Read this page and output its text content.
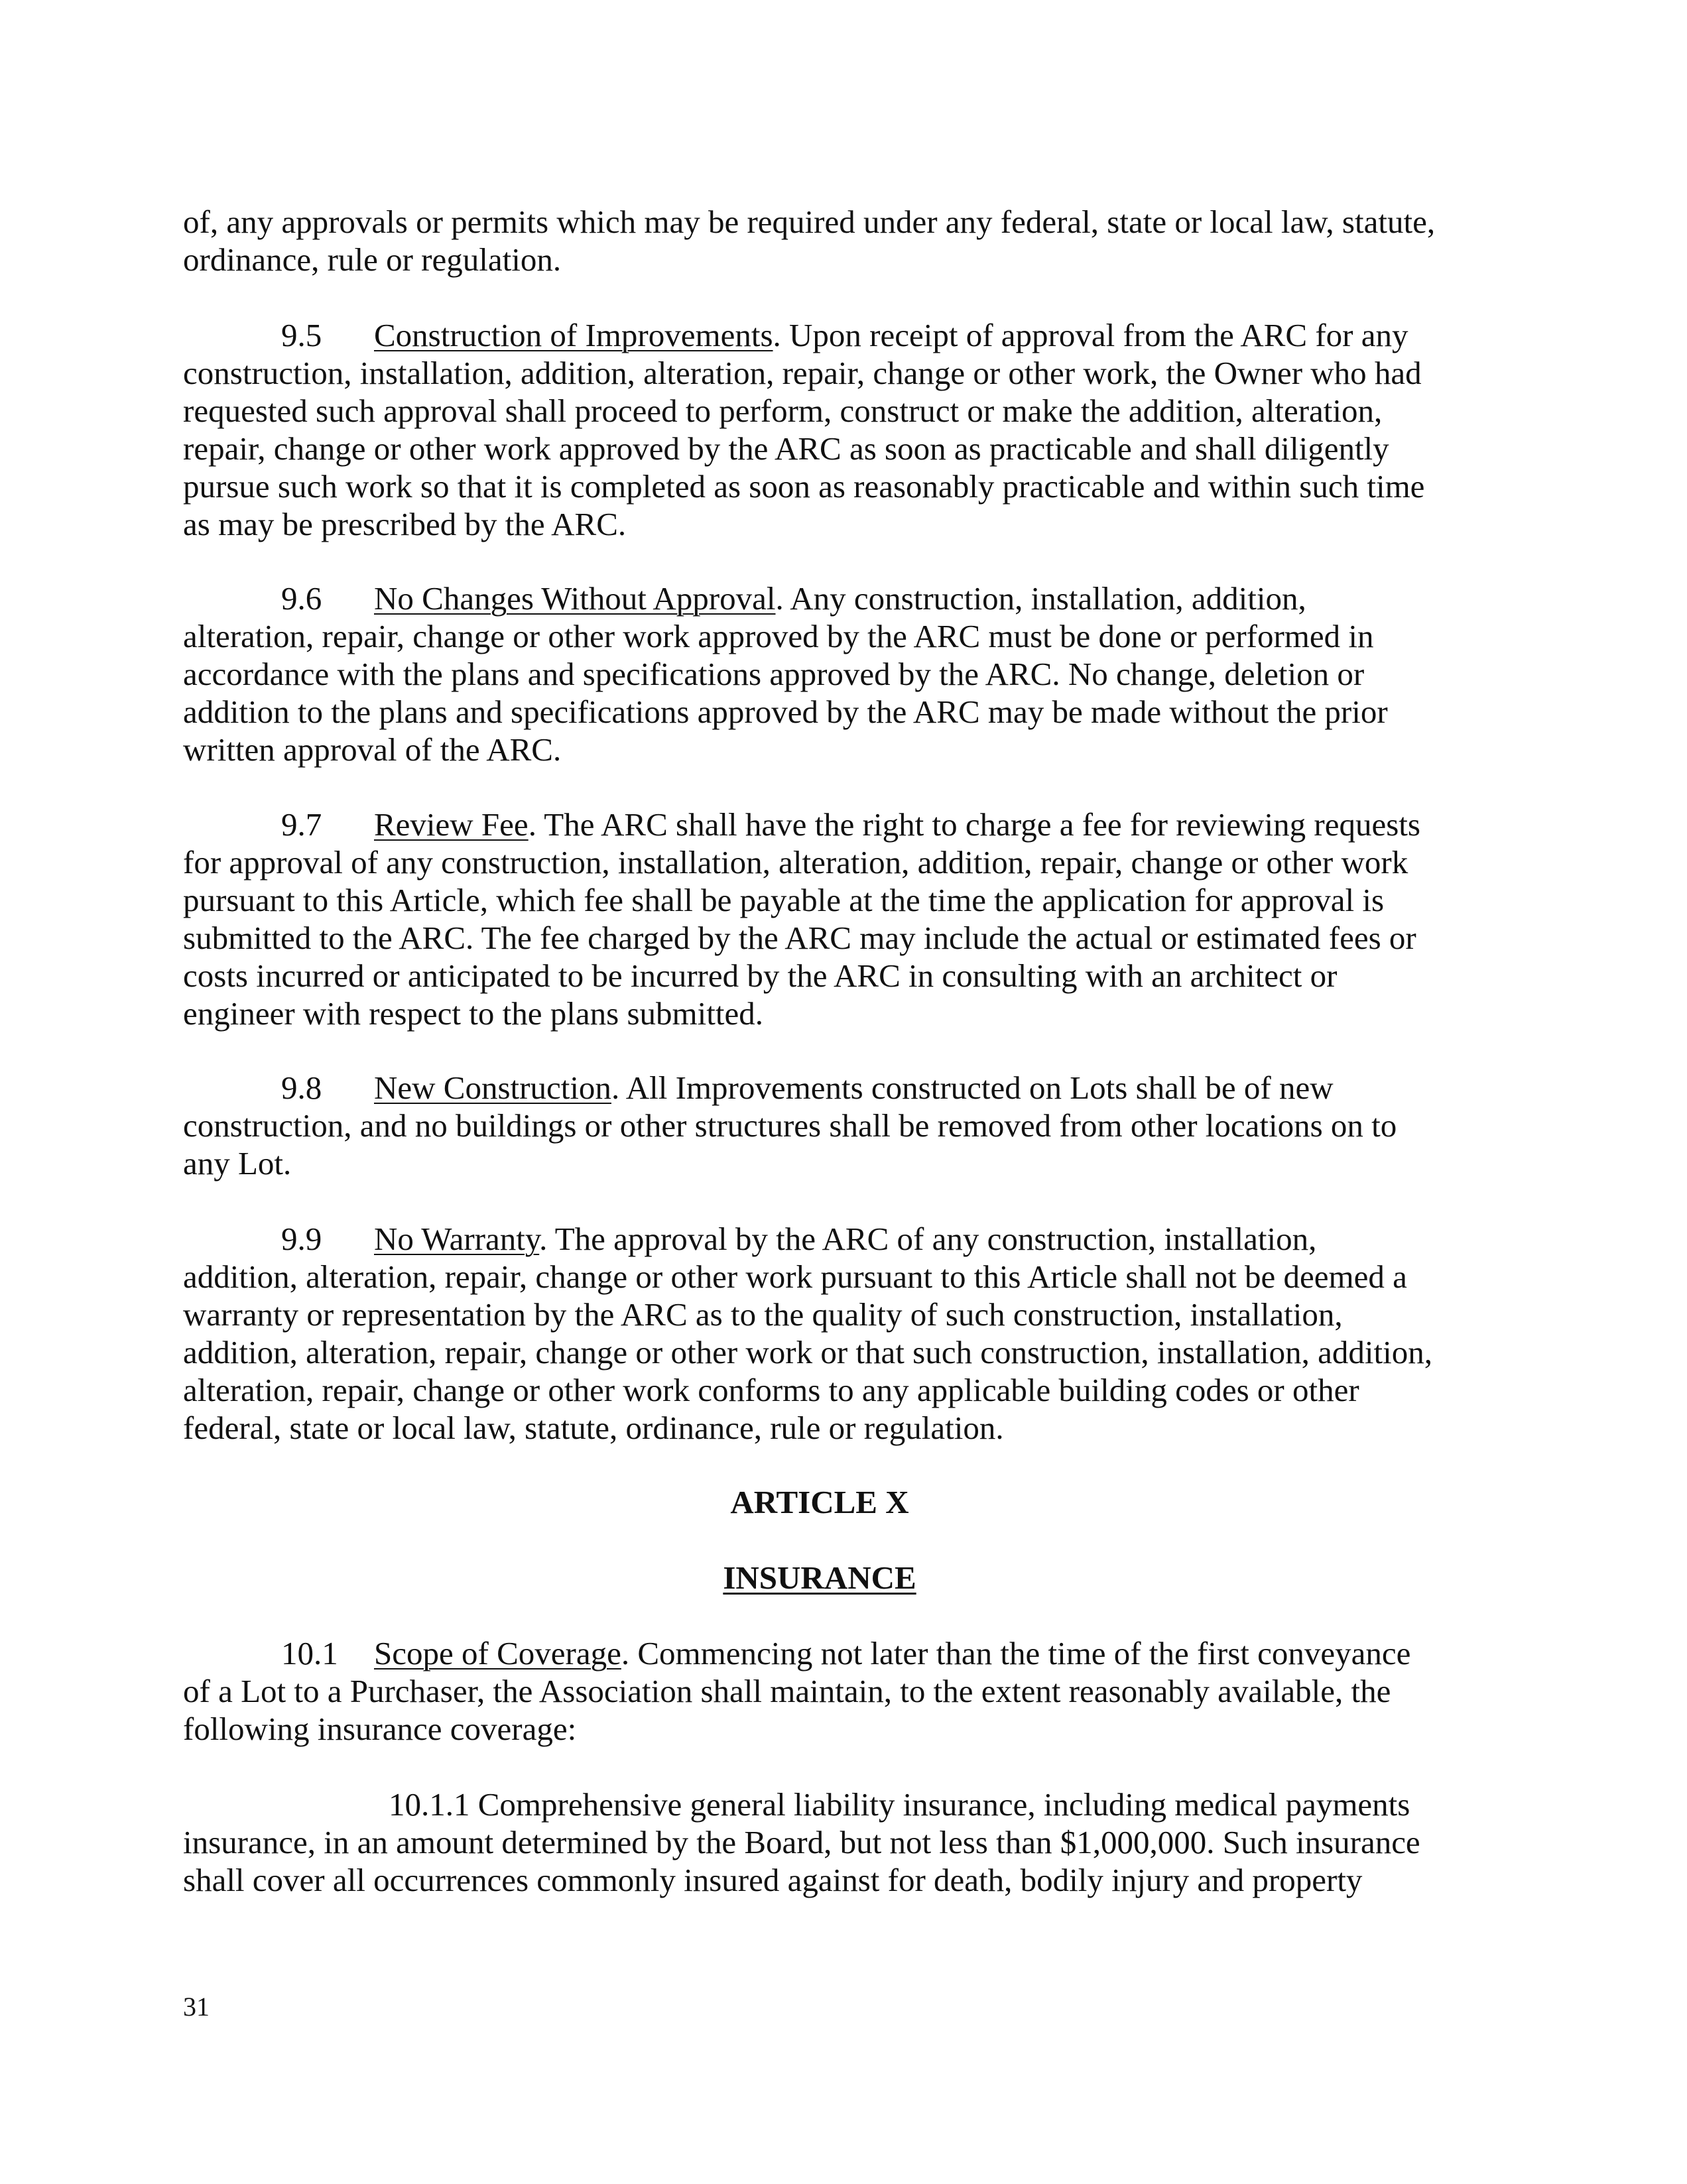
of, any approvals or permits which may be required under any federal, state or local law, statute,
ordinance, rule or regulation.
9.5 Construction of Improvements. Upon receipt of approval from the ARC for any
construction, installation, addition, alteration, repair, change or other work, the Owner who had
requested such approval shall proceed to perform, construct or make the addition, alteration,
repair, change or other work approved by the ARC as soon as practicable and shall diligently
pursue such work so that it is completed as soon as reasonably practicable and within such time
as may be prescribed by the ARC.
9.6 No Changes Without Approval. Any construction, installation, addition,
alteration, repair, change or other work approved by the ARC must be done or performed in
accordance with the plans and specifications approved by the ARC. No change, deletion or
addition to the plans and specifications approved by the ARC may be made without the prior
written approval of the ARC.
9.7 Review Fee. The ARC shall have the right to charge a fee for reviewing requests
for approval of any construction, installation, alteration, addition, repair, change or other work
pursuant to this Article, which fee shall be payable at the time the application for approval is
submitted to the ARC. The fee charged by the ARC may include the actual or estimated fees or
costs incurred or anticipated to be incurred by the ARC in consulting with an architect or
engineer with respect to the plans submitted.
9.8 New Construction. All Improvements constructed on Lots shall be of new
construction, and no buildings or other structures shall be removed from other locations on to
any Lot.
9.9 No Warranty. The approval by the ARC of any construction, installation,
addition, alteration, repair, change or other work pursuant to this Article shall not be deemed a
warranty or representation by the ARC as to the quality of such construction, installation,
addition, alteration, repair, change or other work or that such construction, installation, addition,
alteration, repair, change or other work conforms to any applicable building codes or other
federal, state or local law, statute, ordinance, rule or regulation.
ARTICLE X
INSURANCE
10.1 Scope of Coverage. Commencing not later than the time of the first conveyance
of a Lot to a Purchaser, the Association shall maintain, to the extent reasonably available, the
following insurance coverage:
10.1.1 Comprehensive general liability insurance, including medical payments
insurance, in an amount determined by the Board, but not less than $1,000,000. Such insurance
shall cover all occurrences commonly insured against for death, bodily injury and property
31
